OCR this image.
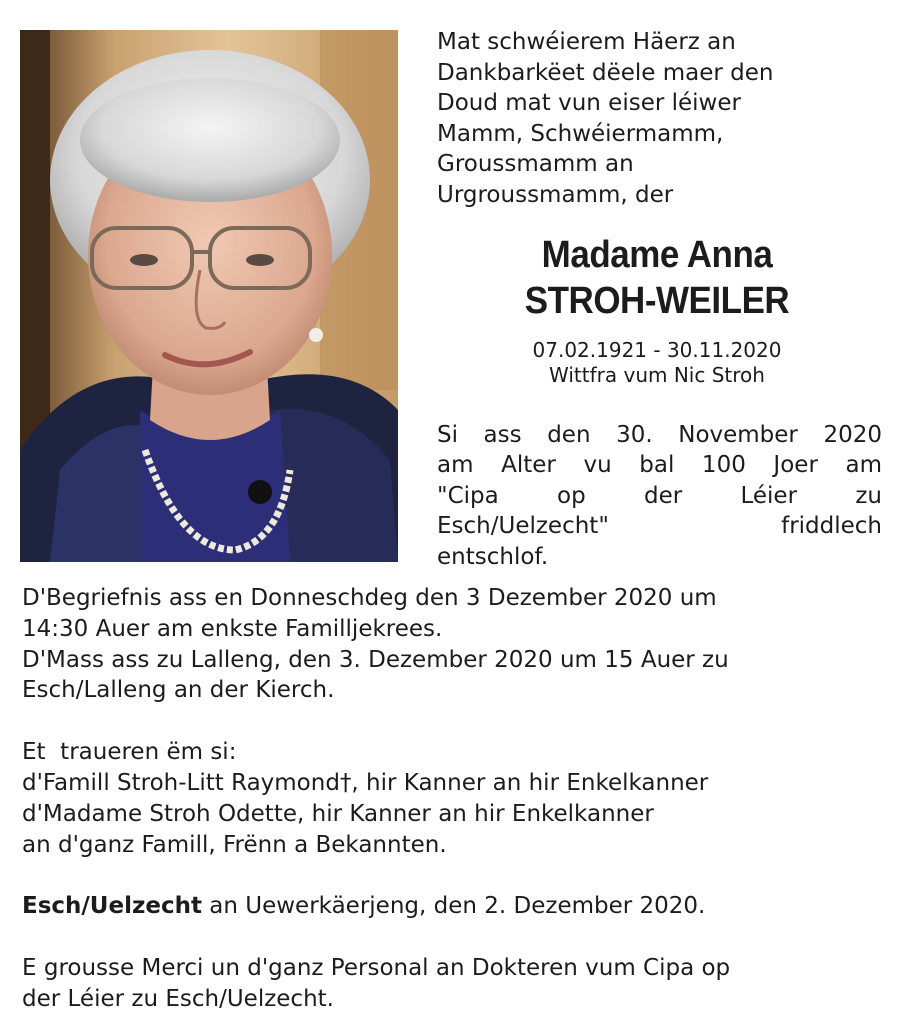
Mat schwéierem Häerz an
Dankbarkëet dëele maer den
Doud mat vun eiser léiwer
Mamm, Schwéiermamm,
Groussmamm an
Urgroussmamm, der

Madame Anna
STROH-WEILER
07.02.1921 - 30.11.2020
Wittfra vum Nic Stroh

Si ass den 30. November 2020
am Alter vu bal 100 Joer am
"Cipa op der Léier zu
Esch/Uelzecht" friddlech
entschlof.

D'Begriefnis ass en Donneschdeg den 3 Dezember 2020 um
14:30 Auer am enkste Familljekrees.
D'Mass ass zu Lalleng, den 3. Dezember 2020 um 15 Auer zu
Esch/Lalleng an der Kierch.
Et  traueren ëm si:
d'Famill Stroh-Litt Raymond†, hir Kanner an hir Enkelkanner
d'Madame Stroh Odette, hir Kanner an hir Enkelkanner
an d'ganz Famill, Frënn a Bekannten.
Esch/Uelzecht an Uewerkäerjeng, den 2. Dezember 2020.
E grousse Merci un d'ganz Personal an Dokteren vum Cipa op
der Léier zu Esch/Uelzecht.
